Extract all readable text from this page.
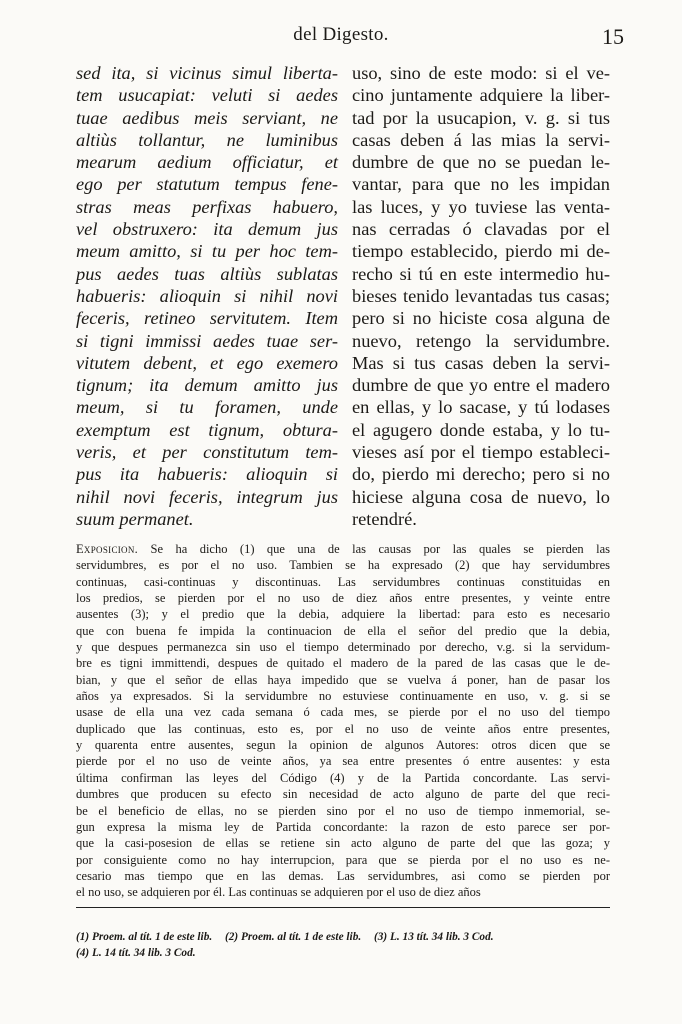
del Digesto.	15
sed ita, si vicinus simul liberta-
tem usucapiat: veluti si aedes
tuae aedibus meis serviant, ne
altiùs tollantur, ne luminibus
mearum aedium officiatur, et
ego per statutum tempus fene-
stras meas perfixas habuero,
vel obstruxero: ita demum jus
meum amitto, si tu per hoc tem-
pus aedes tuas altiùs sublatas
habueris: alioquin si nihil novi
feceris, retineo servitutem. Item
si tigni immissi aedes tuae ser-
vitutem debent, et ego exemero
tignum; ita demum amitto jus
meum, si tu foramen, unde
exemptum est tignum, obtura-
veris, et per constitutum tem-
pus ita habueris: alioquin si
nihil novi feceris, integrum jus
suum permanet.
uso, sino de este modo: si el ve-
cino juntamente adquiere la liber-
tad por la usucapion, v. g. si tus
casas deben á las mias la servi-
dumbre de que no se puedan le-
vantar, para que no les impidan
las luces, y yo tuviese las venta-
nas cerradas ó clavadas por el
tiempo establecido, pierdo mi de-
recho si tú en este intermedio hu-
bieses tenido levantadas tus casas;
pero si no hiciste cosa alguna de
nuevo, retengo la servidumbre.
Mas si tus casas deben la servi-
dumbre de que yo entre el madero
en ellas, y lo sacase, y tú lodases
el agugero donde estaba, y lo tu-
vieses así por el tiempo estableci-
do, pierdo mi derecho; pero si no
hiciese alguna cosa de nuevo, lo
retendré.
Exposicion. Se ha dicho (1) que una de las causas por las quales se pierden las
servidumbres, es por el no uso. Tambien se ha expresado (2) que hay servidumbres
continuas, casi-continuas y discontinuas. Las servidumbres continuas constituidas en
los predios, se pierden por el no uso de diez años entre presentes, y veinte entre
ausentes (3); y el predio que la debia, adquiere la libertad: para esto es necesario
que con buena fe impida la continuacion de ella el señor del predio que la debia,
y que despues permanezca sin uso el tiempo determinado por derecho, v.g. si la servidum-
bre es tigni immittendi, despues de quitado el madero de la pared de las casas que le de-
bian, y que el señor de ellas haya impedido que se vuelva á poner, han de pasar los
años ya expresados. Si la servidumbre no estuviese continuamente en uso, v. g. si se
usase de ella una vez cada semana ó cada mes, se pierde por el no uso del tiempo
duplicado que las continuas, esto es, por el no uso de veinte años entre presentes,
y quarenta entre ausentes, segun la opinion de algunos Autores: otros dicen que se
pierde por el no uso de veinte años, ya sea entre presentes ó entre ausentes: y esta
última confirman las leyes del Código (4) y de la Partida concordante. Las servi-
dumbres que producen su efecto sin necesidad de acto alguno de parte del que reci-
be el beneficio de ellas, no se pierden sino por el no uso de tiempo inmemorial, se-
gun expresa la misma ley de Partida concordante: la razon de esto parece ser por-
que la casi-posesion de ellas se retiene sin acto alguno de parte del que las goza; y
por consiguiente como no hay interrupcion, para que se pierda por el no uso es ne-
cesario mas tiempo que en las demas. Las servidumbres, asi como se pierden por
el no uso, se adquieren por él. Las continuas se adquieren por el uso de diez años
(1) Proem. al tít. 1 de este lib. (2) Proem. al tít. 1 de este lib. (3) L. 13 tít. 34 lib. 3 Cod.
(4) L. 14 tít. 34 lib. 3 Cod.
